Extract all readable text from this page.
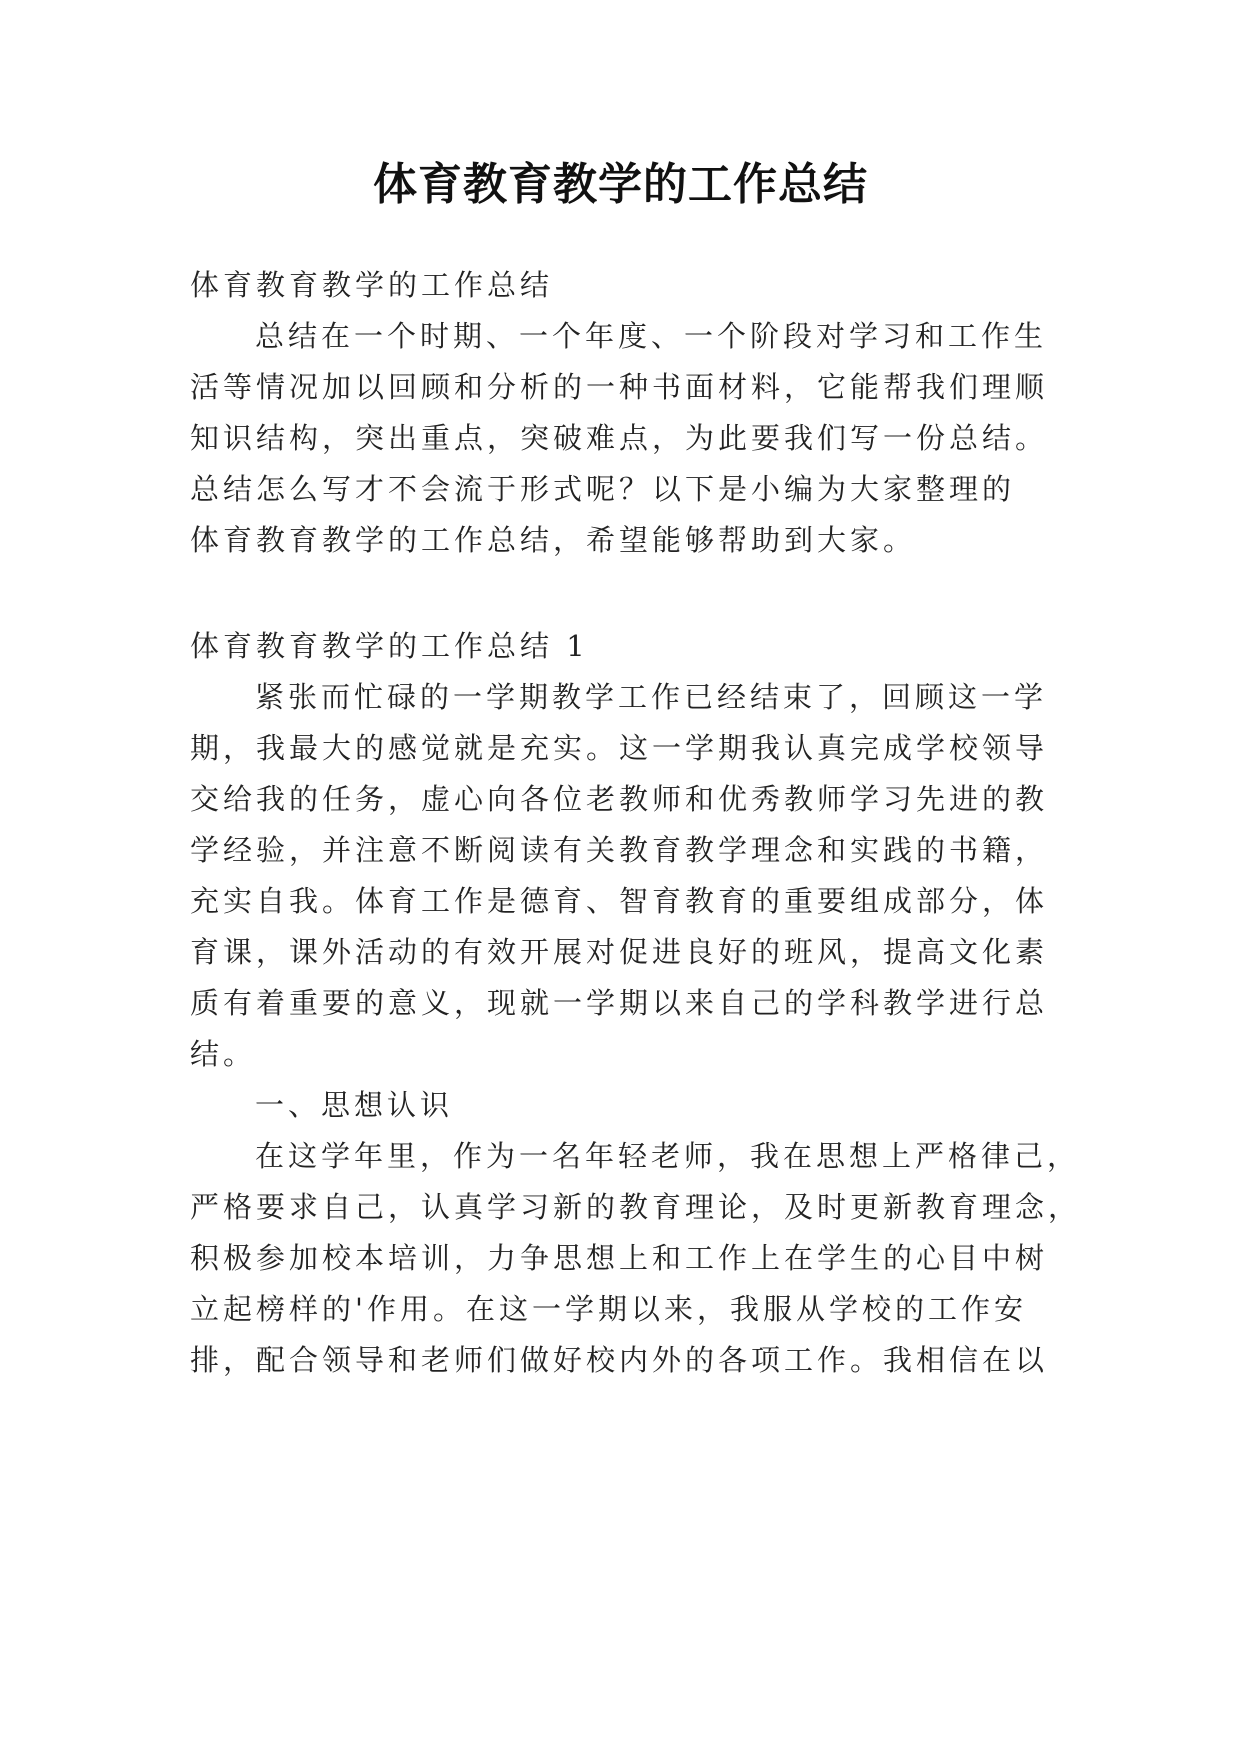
体育教育教学的工作总结

体育教育教学的工作总结

总结在一个时期、一个年度、一个阶段对学习和工作生

活等情况加以回顾和分析的一种书面材料，它能帮我们理顺

知识结构，突出重点，突破难点，为此要我们写一份总结。

总结怎么写才不会流于形式呢？以下是小编为大家整理的

体育教育教学的工作总结，希望能够帮助到大家。

体育教育教学的工作总结 1

紧张而忙碌的一学期教学工作已经结束了，回顾这一学

期，我最大的感觉就是充实。这一学期我认真完成学校领导

交给我的任务，虚心向各位老教师和优秀教师学习先进的教

学经验，并注意不断阅读有关教育教学理念和实践的书籍，

充实自我。体育工作是德育、智育教育的重要组成部分，体

育课，课外活动的有效开展对促进良好的班风，提高文化素

质有着重要的意义，现就一学期以来自己的学科教学进行总

结。

一、思想认识

在这学年里，作为一名年轻老师，我在思想上严格律己，

严格要求自己，认真学习新的教育理论，及时更新教育理念，

积极参加校本培训，力争思想上和工作上在学生的心目中树

立起榜样的'作用。在这一学期以来，我服从学校的工作安

排，配合领导和老师们做好校内外的各项工作。我相信在以
